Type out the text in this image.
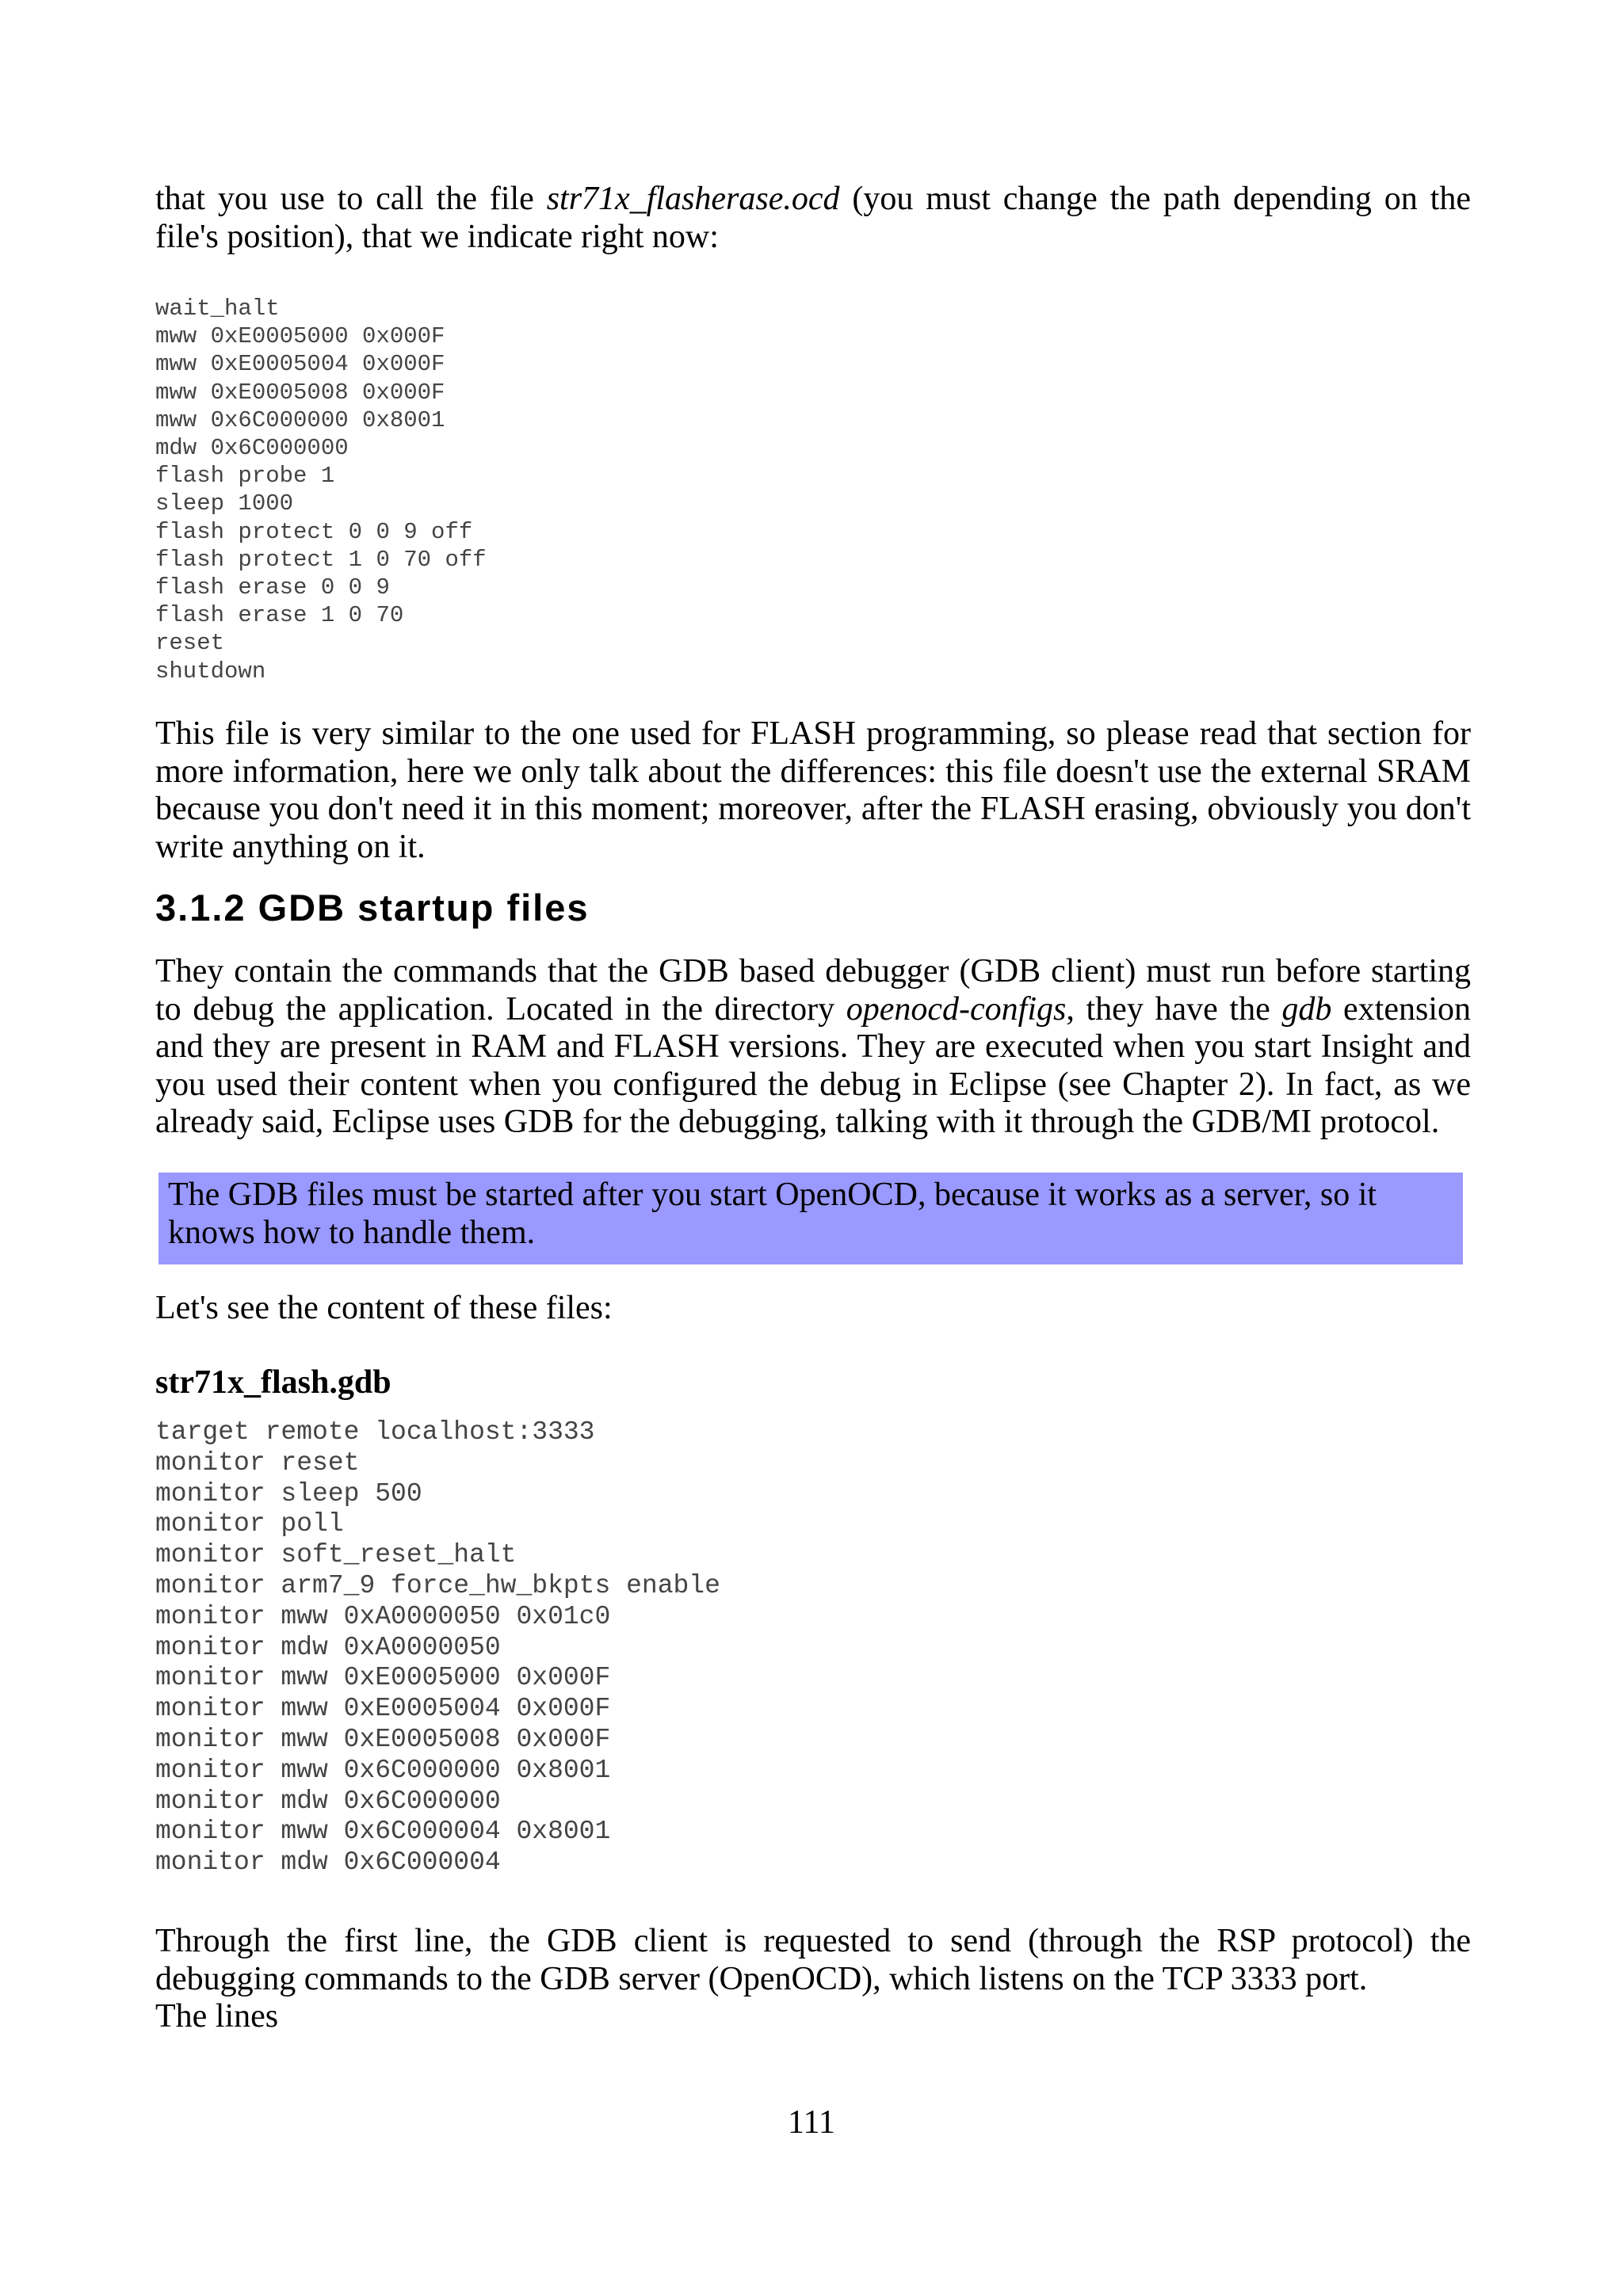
that you use to call the file str71x_flasherase.ocd (you must change the path depending on the file's position), that we indicate right now:

wait_halt
mww 0xE0005000 0x000F
mww 0xE0005004 0x000F
mww 0xE0005008 0x000F
mww 0x6C000000 0x8001
mdw 0x6C000000
flash probe 1
sleep 1000
flash protect 0 0 9 off
flash protect 1 0 70 off
flash erase 0 0 9
flash erase 1 0 70
reset
shutdown

This file is very similar to the one used for FLASH programming, so please read that section for more information, here we only talk about the differences: this file doesn't use the external SRAM because you don't need it in this moment; moreover, after the FLASH erasing, obviously you don't write anything on it.

3.1.2 GDB startup files

They contain the commands that the GDB based debugger (GDB client) must run before starting to debug the application. Located in the directory openocd-configs, they have the gdb extension and they are present in RAM and FLASH versions. They are executed when you start Insight and you used their content when you configured the debug in Eclipse (see Chapter 2). In fact, as we already said, Eclipse uses GDB for the debugging, talking with it through the GDB/MI protocol.

The GDB files must be started after you start OpenOCD, because it works as a server, so it knows how to handle them.

Let's see the content of these files:

str71x_flash.gdb
target remote localhost:3333
monitor reset
monitor sleep 500
monitor poll
monitor soft_reset_halt
monitor arm7_9 force_hw_bkpts enable
monitor mww 0xA0000050 0x01c0
monitor mdw 0xA0000050
monitor mww 0xE0005000 0x000F
monitor mww 0xE0005004 0x000F
monitor mww 0xE0005008 0x000F
monitor mww 0x6C000000 0x8001
monitor mdw 0x6C000000
monitor mww 0x6C000004 0x8001
monitor mdw 0x6C000004

Through the first line, the GDB client is requested to send (through the RSP protocol) the debugging commands to the GDB server (OpenOCD), which listens on the TCP 3333 port.

The lines

111
